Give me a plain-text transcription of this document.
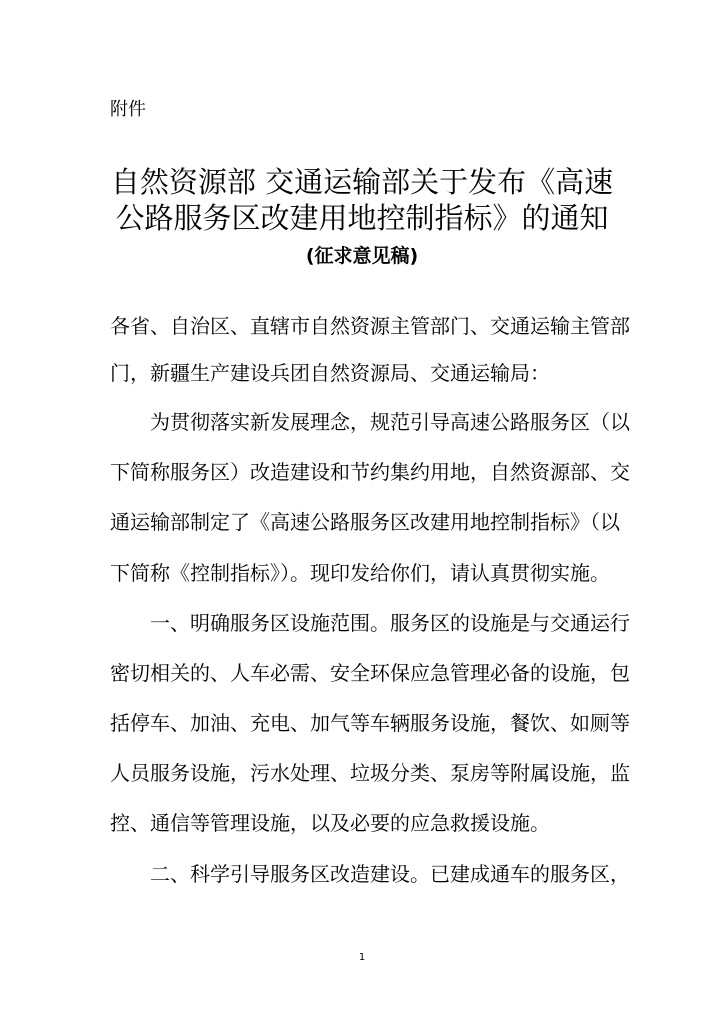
附件
自然资源部 交通运输部关于发布《高速
公路服务区改建用地控制指标》的通知
(征求意见稿)
各省、自治区、直辖市自然资源主管部门、交通运输主管部
门，新疆生产建设兵团自然资源局、交通运输局：
为贯彻落实新发展理念，规范引导高速公路服务区（以
下简称服务区）改造建设和节约集约用地，自然资源部、交
通运输部制定了《高速公路服务区改建用地控制指标》（以
下简称《控制指标》）。现印发给你们，请认真贯彻实施。
一、明确服务区设施范围。服务区的设施是与交通运行
密切相关的、人车必需、安全环保应急管理必备的设施，包
括停车、加油、充电、加气等车辆服务设施，餐饮、如厕等
人员服务设施，污水处理、垃圾分类、泵房等附属设施，监
控、通信等管理设施，以及必要的应急救援设施。
二、科学引导服务区改造建设。已建成通车的服务区，
1
